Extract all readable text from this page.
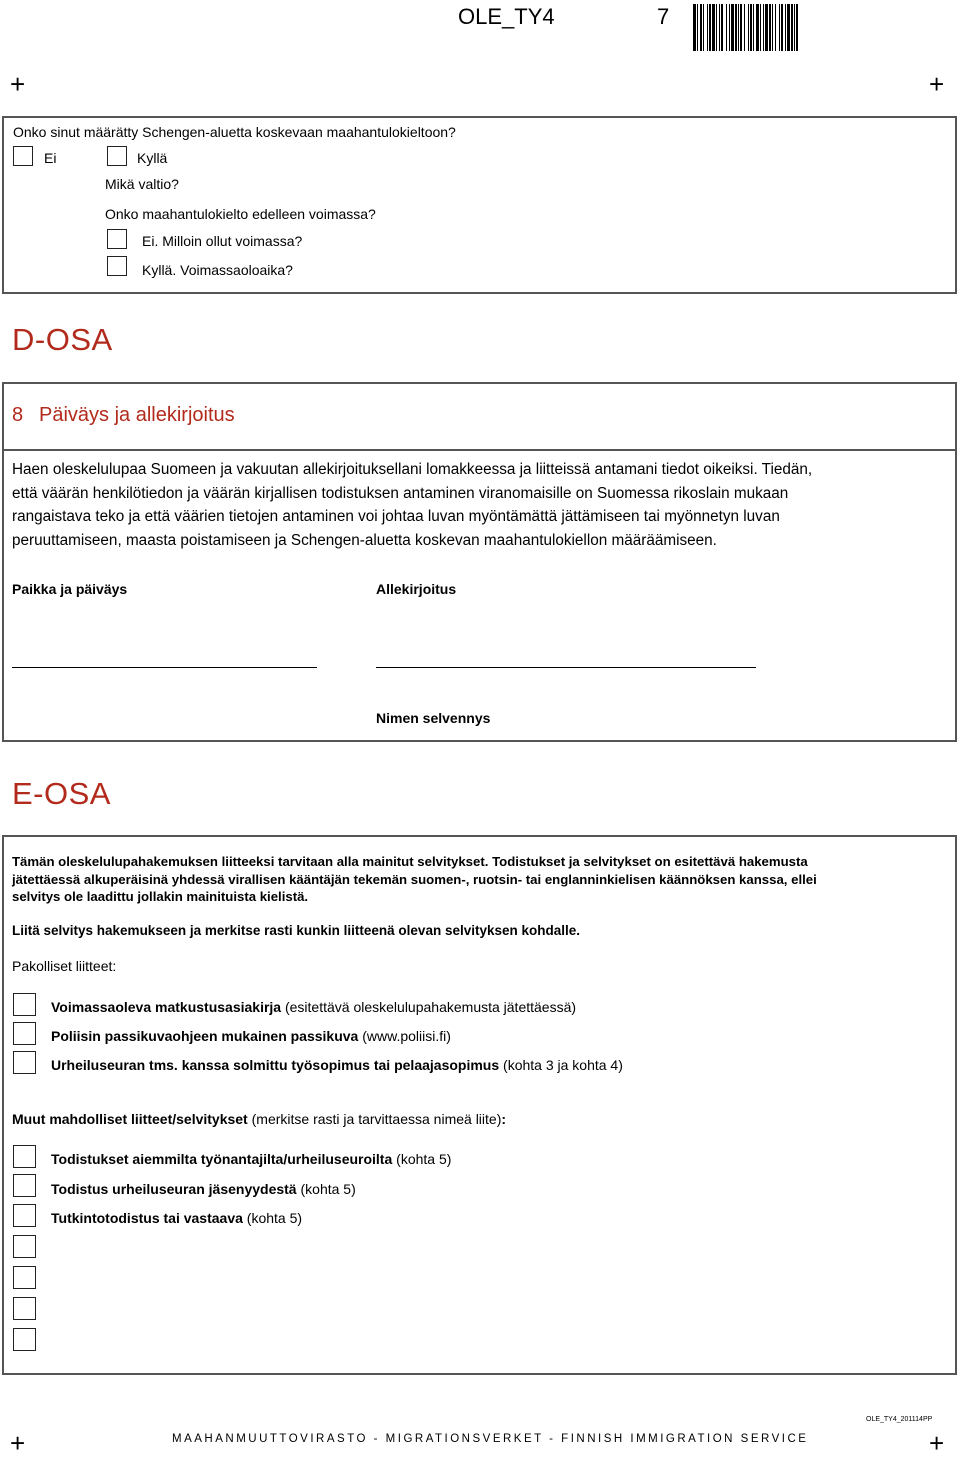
OLE_TY4	7
+	+
Onko sinut määrätty Schengen-aluetta koskevaan maahantulokieltoon?
Ei	Kyllä
Mikä valtio?
Onko maahantulokielto edelleen voimassa?
Ei. Milloin ollut voimassa?
Kyllä. Voimassaoloaika?
D-OSA
8 Päiväys ja allekirjoitus
Haen oleskelulupaa Suomeen ja vakuutan allekirjoituksellani lomakkeessa ja liitteissä antamani tiedot oikeiksi. Tiedän,
että väärän henkilötiedon ja väärän kirjallisen todistuksen antaminen viranomaisille on Suomessa rikoslain mukaan
rangaistava teko ja että väärien tietojen antaminen voi johtaa luvan myöntämättä jättämiseen tai myönnetyn luvan
peruuttamiseen, maasta poistamiseen ja Schengen-aluetta koskevan maahantulokiellon määräämiseen.
Paikka ja päiväys	Allekirjoitus
Nimen selvennys
E-OSA
Tämän oleskelulupahakemuksen liitteeksi tarvitaan alla mainitut selvitykset. Todistukset ja selvitykset on esitettävä hakemusta
jätettäessä alkuperäisinä yhdessä virallisen kääntäjän tekemän suomen-, ruotsin- tai englanninkielisen käännöksen kanssa, ellei
selvitys ole laadittu jollakin mainituista kielistä.
Liitä selvitys hakemukseen ja merkitse rasti kunkin liitteenä olevan selvityksen kohdalle.
Pakolliset liitteet:
Voimassaoleva matkustusasiakirja (esitettävä oleskelulupahakemusta jätettäessä)
Poliisin passikuvaohjeen mukainen passikuva (www.poliisi.fi)
Urheiluseuran tms. kanssa solmittu työsopimus tai pelaajasopimus (kohta 3 ja kohta 4)
Muut mahdolliset liitteet/selvitykset (merkitse rasti ja tarvittaessa nimeä liite):
Todistukset aiemmilta työnantajilta/urheiluseuroilta (kohta 5)
Todistus urheiluseuran jäsenyydestä (kohta 5)
Tutkintotodistus tai vastaava (kohta 5)
OLE_TY4_201114PP
+	+
MAAHANMUUTTOVIRASTO - MIGRATIONSVERKET - FINNISH IMMIGRATION SERVICE
